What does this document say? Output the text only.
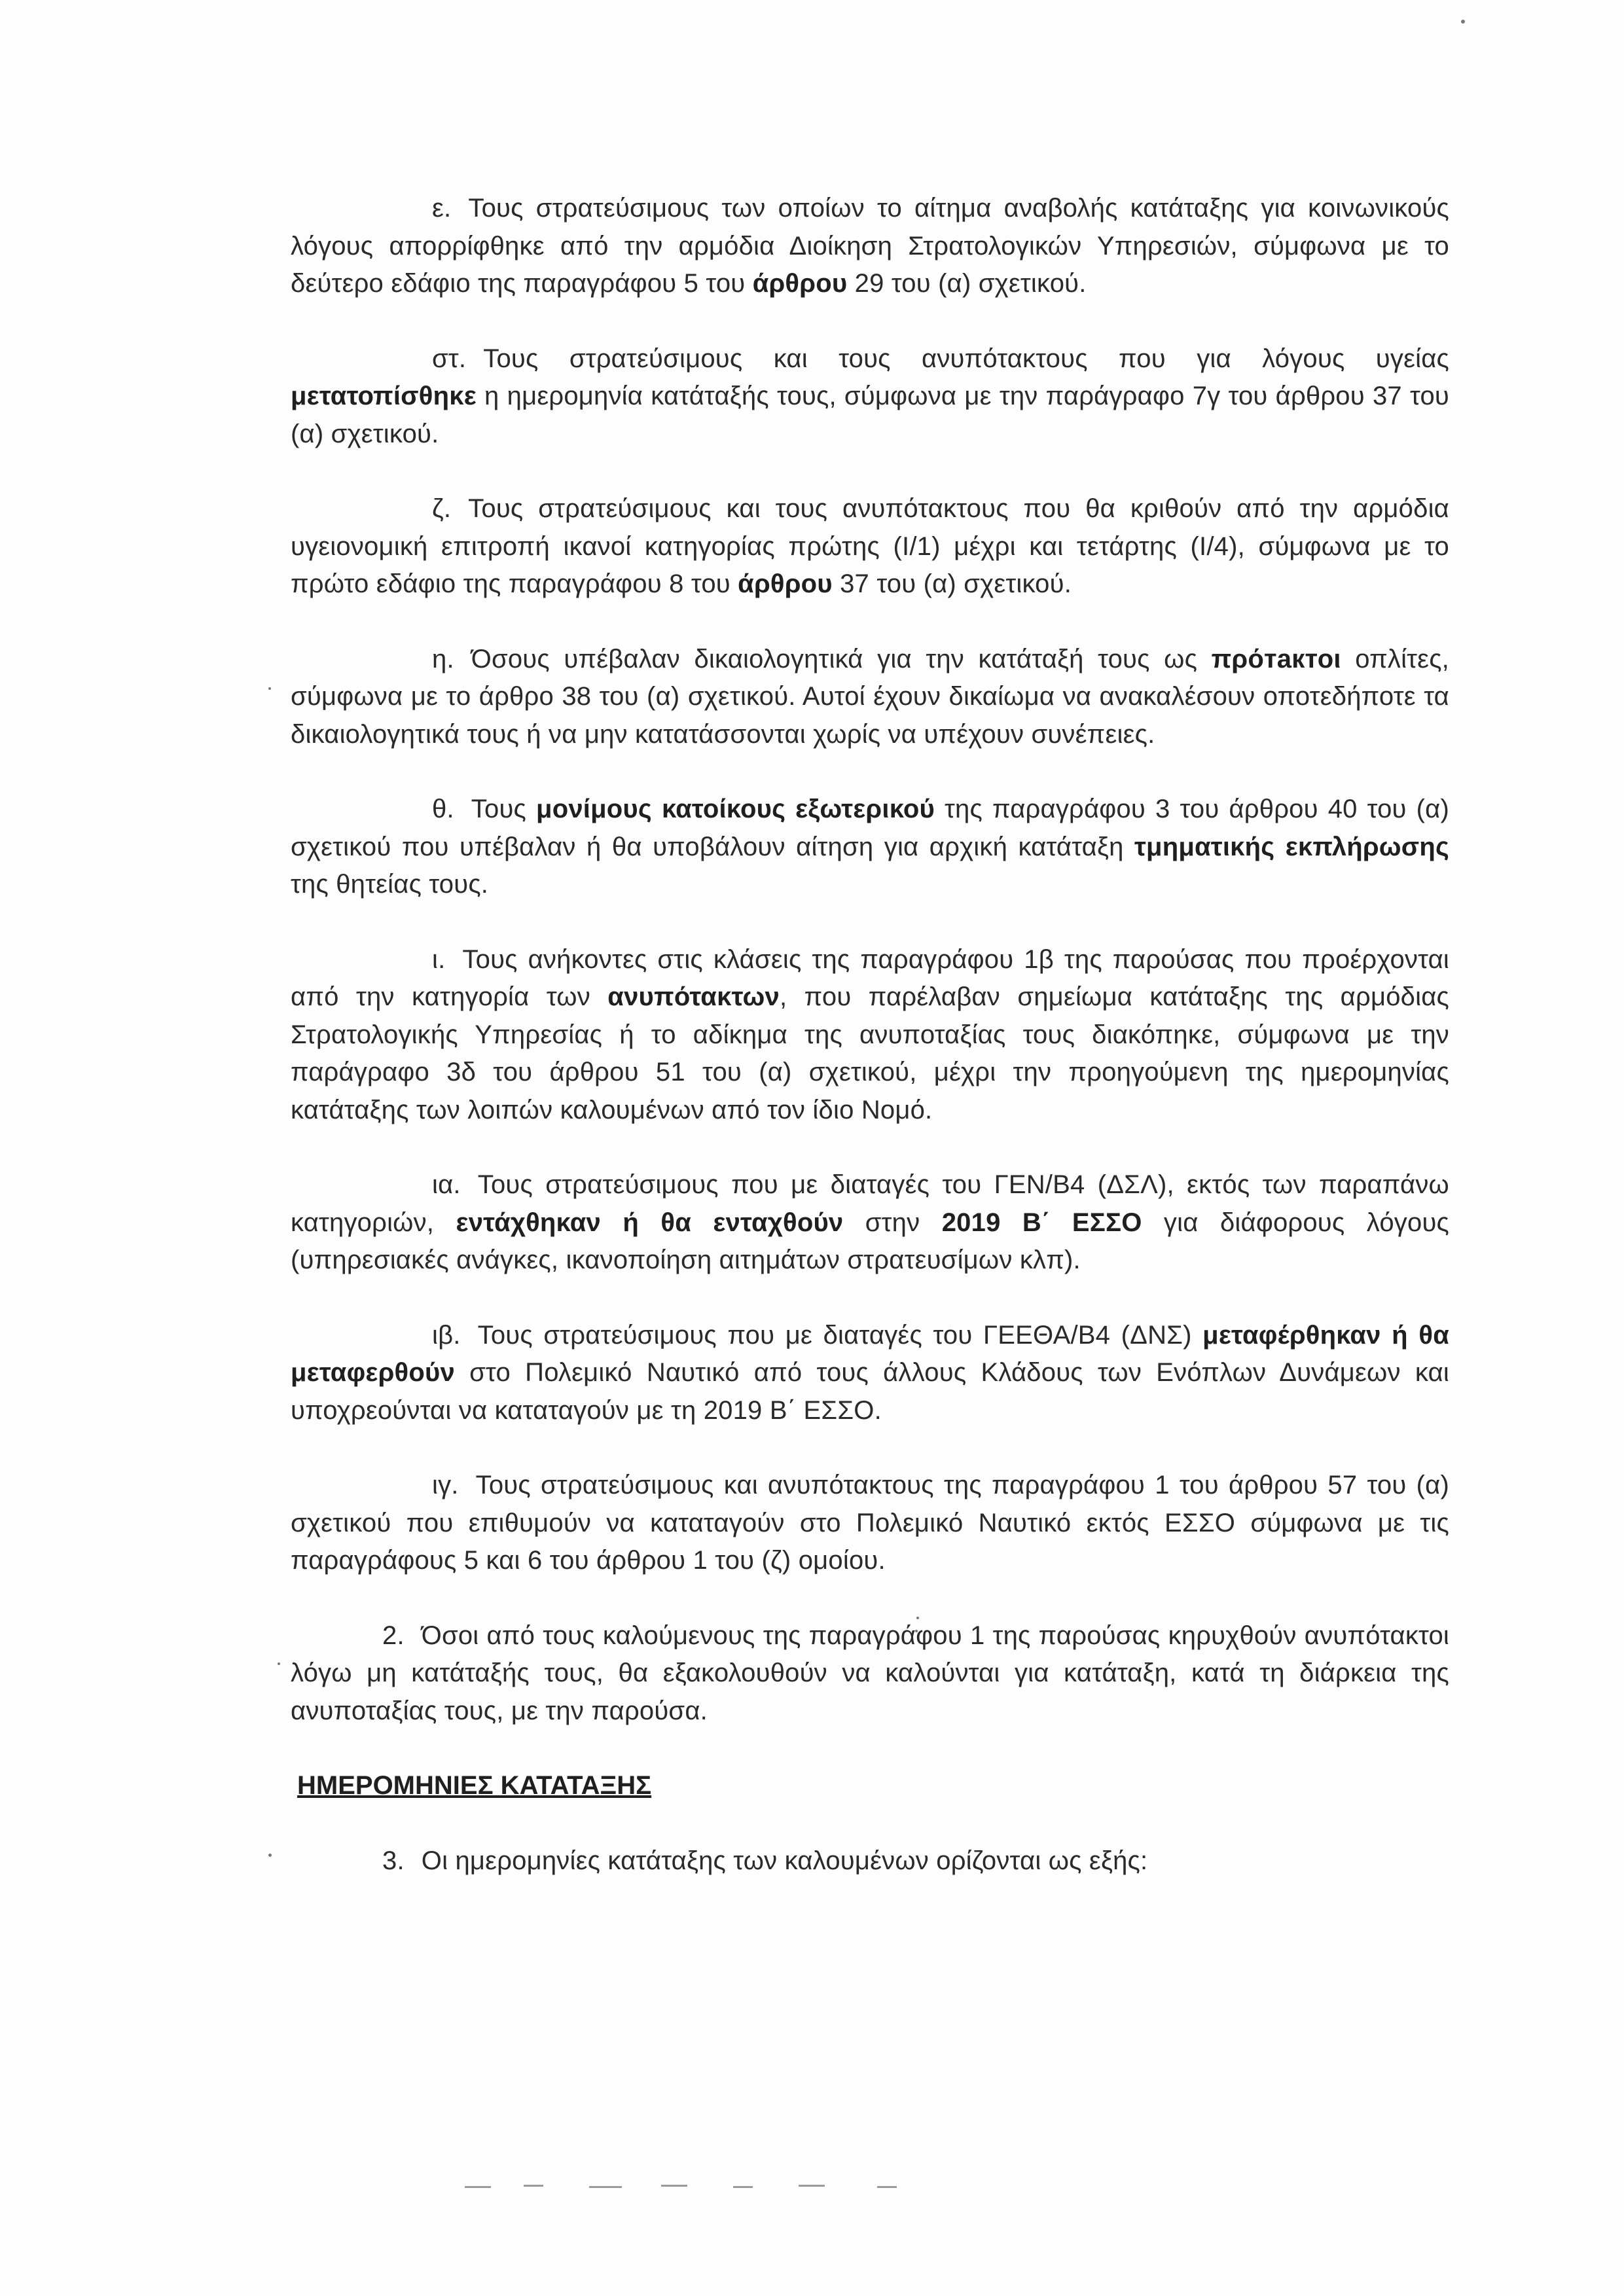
ε. Τους στρατεύσιμους των οποίων το αίτημα αναβολής κατάταξης για κοινωνικούς λόγους απορρίφθηκε από την αρμόδια Διοίκηση Στρατολογικών Υπηρεσιών, σύμφωνα με το δεύτερο εδάφιο της παραγράφου 5 του άρθρου 29 του (α) σχετικού.

στ. Τους στρατεύσιμους και τους ανυπότακτους που για λόγους υγείας μετατοπίσθηκε η ημερομηνία κατάταξής τους, σύμφωνα με την παράγραφο 7γ του άρθρου 37 του (α) σχετικού.

ζ. Τους στρατεύσιμους και τους ανυπότακτους που θα κριθούν από την αρμόδια υγειονομική επιτροπή ικανοί κατηγορίας πρώτης (Ι/1) μέχρι και τετάρτης (Ι/4), σύμφωνα με το πρώτο εδάφιο της παραγράφου 8 του άρθρου 37 του (α) σχετικού.

η. Όσους υπέβαλαν δικαιολογητικά για την κατάταξή τους ως πρόтактоι οπλίτες, σύμφωνα με το άρθρο 38 του (α) σχετικού. Αυτοί έχουν δικαίωμα να ανακαλέσουν οποτεδήποτε τα δικαιολογητικά τους ή να μην κατατάσσονται χωρίς να υπέχουν συνέπειες.

θ. Τους μονίμους κατοίκους εξωτερικού της παραγράφου 3 του άρθρου 40 του (α) σχετικού που υπέβαλαν ή θα υποβάλουν αίτηση για αρχική κατάταξη τμηματικής εκπλήρωσης της θητείας τους.

ι. Τους ανήκοντες στις κλάσεις της παραγράφου 1β της παρούσας που προέρχονται από την κατηγορία των ανυπότακτων, που παρέλαβαν σημείωμα κατάταξης της αρμόδιας Στρατολογικής Υπηρεσίας ή το αδίκημα της ανυποταξίας τους διακόπηκε, σύμφωνα με την παράγραφο 3δ του άρθρου 51 του (α) σχετικού, μέχρι την προηγούμενη της ημερομηνίας κατάταξης των λοιπών καλουμένων από τον ίδιο Νομό.

ια. Τους στρατεύσιμους που με διαταγές του ΓΕΝ/Β4 (ΔΣΛ), εκτός των παραπάνω κατηγοριών, εντάχθηκαν ή θα ενταχθούν στην 2019 Β΄ ΕΣΣΟ για διάφορους λόγους (υπηρεσιακές ανάγκες, ικανοποίηση αιτημάτων στρατευσίμων κλπ).

ιβ. Τους στρατεύσιμους που με διαταγές του ΓΕΕΘΑ/Β4 (ΔΝΣ) μεταφέρθηκαν ή θα μεταφερθούν στο Πολεμικό Ναυτικό από τους άλλους Κλάδους των Ενόπλων Δυνάμεων και υποχρεούνται να καταταγούν με τη 2019 Β΄ ΕΣΣΟ.

ιγ. Τους στρατεύσιμους και ανυπότακτους της παραγράφου 1 του άρθρου 57 του (α) σχετικού που επιθυμούν να καταταγούν στο Πολεμικό Ναυτικό εκτός ΕΣΣΟ σύμφωνα με τις παραγράφους 5 και 6 του άρθρου 1 του (ζ) ομοίου.

2. Όσοι από τους καλούμενους της παραγράφου 1 της παρούσας κηρυχθούν ανυπότακτοι λόγω μη κατάταξής τους, θα εξακολουθούν να καλούνται για κατάταξη, κατά τη διάρκεια της ανυποταξίας τους, με την παρούσα.

ΗΜΕΡΟΜΗΝΙΕΣ ΚΑΤΑΤΑΞΗΣ

3. Οι ημερομηνίες κατάταξης των καλουμένων ορίζονται ως εξής:
